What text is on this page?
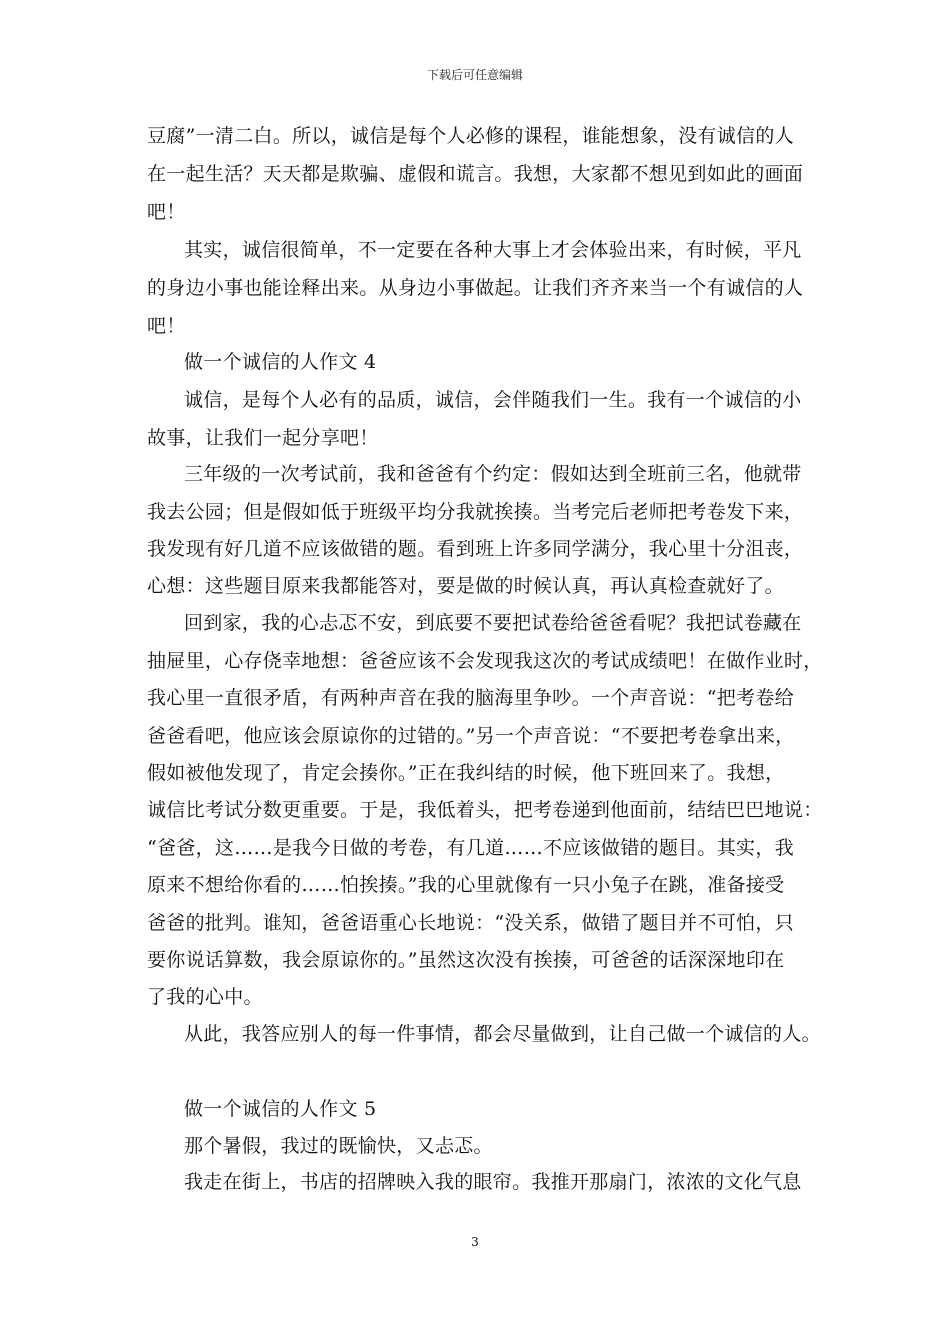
下载后可任意编辑
豆腐”一清二白。所以，诚信是每个人必修的课程，谁能想象，没有诚信的人
在一起生活？天天都是欺骗、虚假和谎言。我想，大家都不想见到如此的画面
吧！
其实，诚信很简单，不一定要在各种大事上才会体验出来，有时候，平凡
的身边小事也能诠释出来。从身边小事做起。让我们齐齐来当一个有诚信的人
吧！
做一个诚信的人作文 4
诚信，是每个人必有的品质，诚信，会伴随我们一生。我有一个诚信的小
故事，让我们一起分享吧！
三年级的一次考试前，我和爸爸有个约定：假如达到全班前三名，他就带
我去公园；但是假如低于班级平均分我就挨揍。当考完后老师把考卷发下来，
我发现有好几道不应该做错的题。看到班上许多同学满分，我心里十分沮丧，
心想：这些题目原来我都能答对，要是做的时候认真，再认真检查就好了。
回到家，我的心忐忑不安，到底要不要把试卷给爸爸看呢？我把试卷藏在
抽屉里，心存侥幸地想：爸爸应该不会发现我这次的考试成绩吧！在做作业时，
我心里一直很矛盾，有两种声音在我的脑海里争吵。一个声音说：“把考卷给
爸爸看吧，他应该会原谅你的过错的。”另一个声音说：“不要把考卷拿出来，
假如被他发现了，肯定会揍你。”正在我纠结的时候，他下班回来了。我想，
诚信比考试分数更重要。于是，我低着头，把考卷递到他面前，结结巴巴地说：
“爸爸，这……是我今日做的考卷，有几道……不应该做错的题目。其实，我
原来不想给你看的……怕挨揍。”我的心里就像有一只小兔子在跳，准备接受
爸爸的批判。谁知，爸爸语重心长地说：“没关系，做错了题目并不可怕，只
要你说话算数，我会原谅你的。”虽然这次没有挨揍，可爸爸的话深深地印在
了我的心中。
从此，我答应别人的每一件事情，都会尽量做到，让自己做一个诚信的人。
做一个诚信的人作文 5
那个暑假，我过的既愉快，又忐忑。
我走在街上，书店的招牌映入我的眼帘。我推开那扇门，浓浓的文化气息
3
